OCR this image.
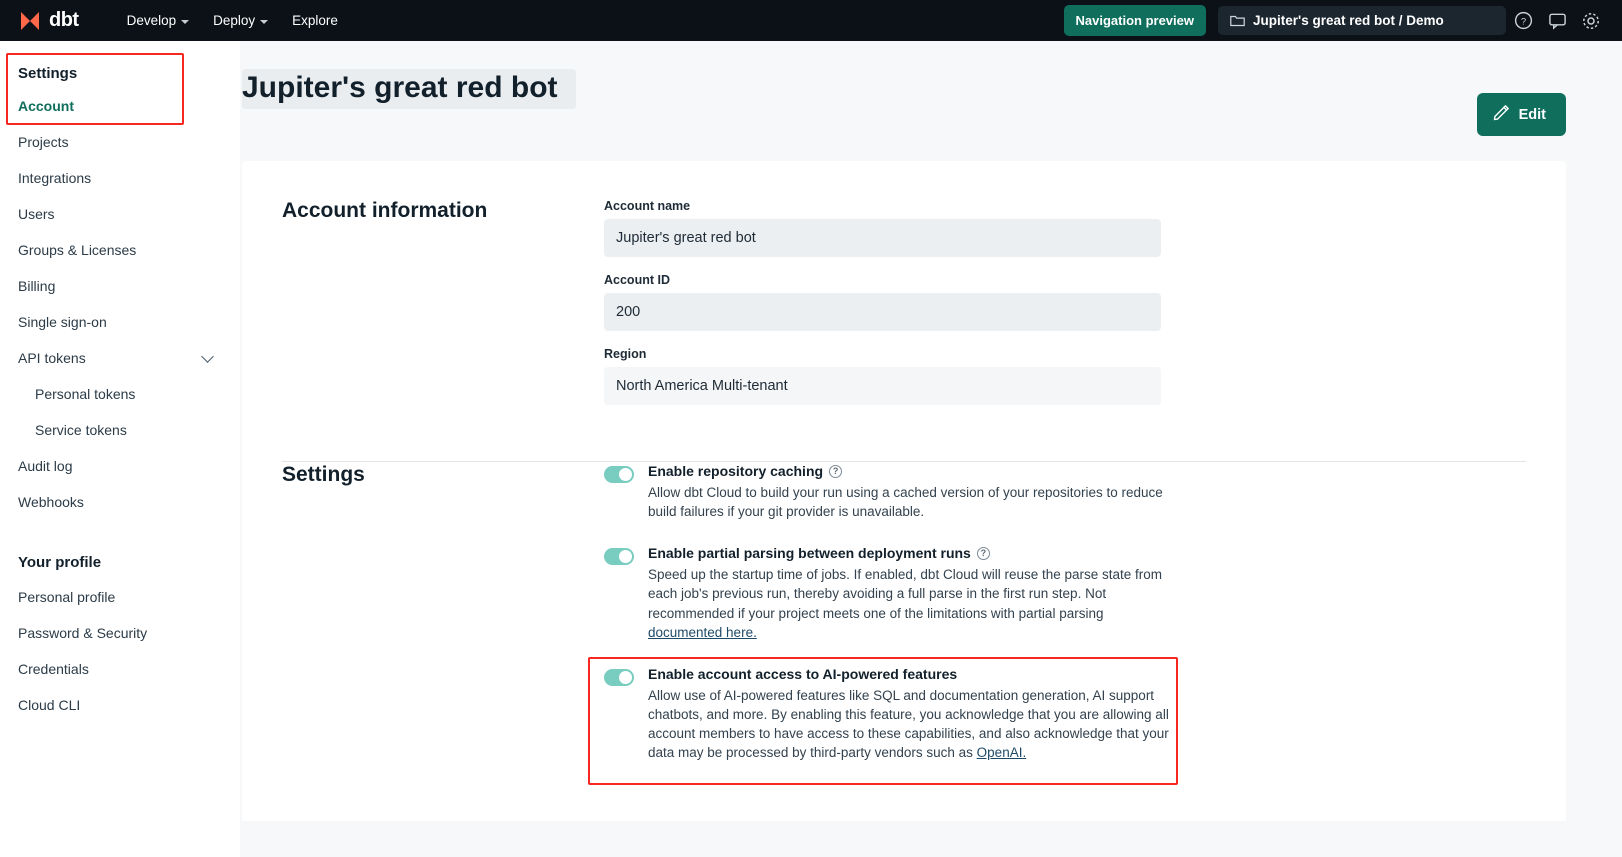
dbt	Develop	Deploy	Explore	Navigation preview	Jupiter's great red bot / Demo	?
Settings
Account
Projects
Integrations
Users
Groups & Licenses
Billing
Single sign-on
API tokens
Personal tokens
Service tokens
Audit log
Webhooks
Your profile
Personal profile
Password & Security
Credentials
Cloud CLI
Jupiter's great red bot
Edit
Account information	Account name
Jupiter's great red bot
Account ID
200
Region
North America Multi-tenant
Settings	Enable repository caching	?
Allow dbt Cloud to build your run using a cached version of your repositories to reduce build failures if your git provider is unavailable.
Enable partial parsing between deployment runs	?
Speed up the startup time of jobs. If enabled, dbt Cloud will reuse the parse state from each job's previous run, thereby avoiding a full parse in the first run step. Not recommended if your project meets one of the limitations with partial parsing documented here.
Enable account access to AI-powered features
Allow use of AI-powered features like SQL and documentation generation, AI support chatbots, and more. By enabling this feature, you acknowledge that you are allowing all account members to have access to these capabilities, and also acknowledge that your data may be processed by third-party vendors such as OpenAI.
